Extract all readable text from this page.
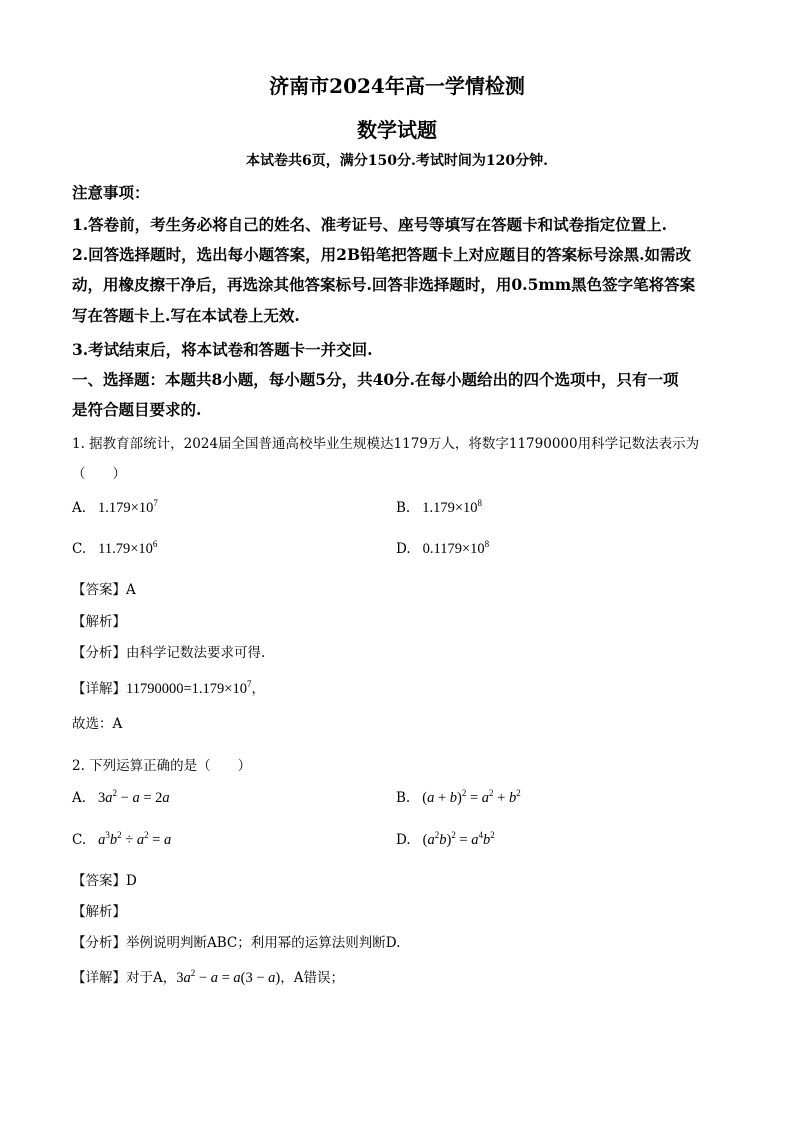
济南市2024年高一学情检测
数学试题
本试卷共6页，满分150分.考试时间为120分钟.
注意事项：
1.答卷前，考生务必将自己的姓名、准考证号、座号等填写在答题卡和试卷指定位置上.
2.回答选择题时，选出每小题答案，用2B铅笔把答题卡上对应题目的答案标号涂黑.如需改
动，用橡皮擦干净后，再选涂其他答案标号.回答非选择题时，用0.5mm黑色签字笔将答案
写在答题卡上.写在本试卷上无效.
3.考试结束后，将本试卷和答题卡一并交回.
一、选择题：本题共8小题，每小题5分，共40分.在每小题给出的四个选项中，只有一项
是符合题目要求的.
1. 据教育部统计，2024届全国普通高校毕业生规模达1179万人，将数字11790000用科学记数法表示为
（　　）
A. $1.179\times 10^7$	B. $1.179\times 10^8$
C. $11.79\times 10^6$	D. $0.1179\times 10^8$
【答案】A
【解析】
【分析】由科学记数法要求可得.
【详解】$11790000=1.179\times 10^7$，
故选：A
2. 下列运算正确的是（　　）
A. $3a^2 - a = 2a$	B. $(a + b)^2 = a^2 + b^2$
C. $a^3b^2 \div a^2 = a$	D. $(a^2b)^2 = a^4b^2$
【答案】D
【解析】
【分析】举例说明判断ABC；利用幂的运算法则判断D.
【详解】对于A，$3a^2 - a = a(3 - a)$，A错误；
